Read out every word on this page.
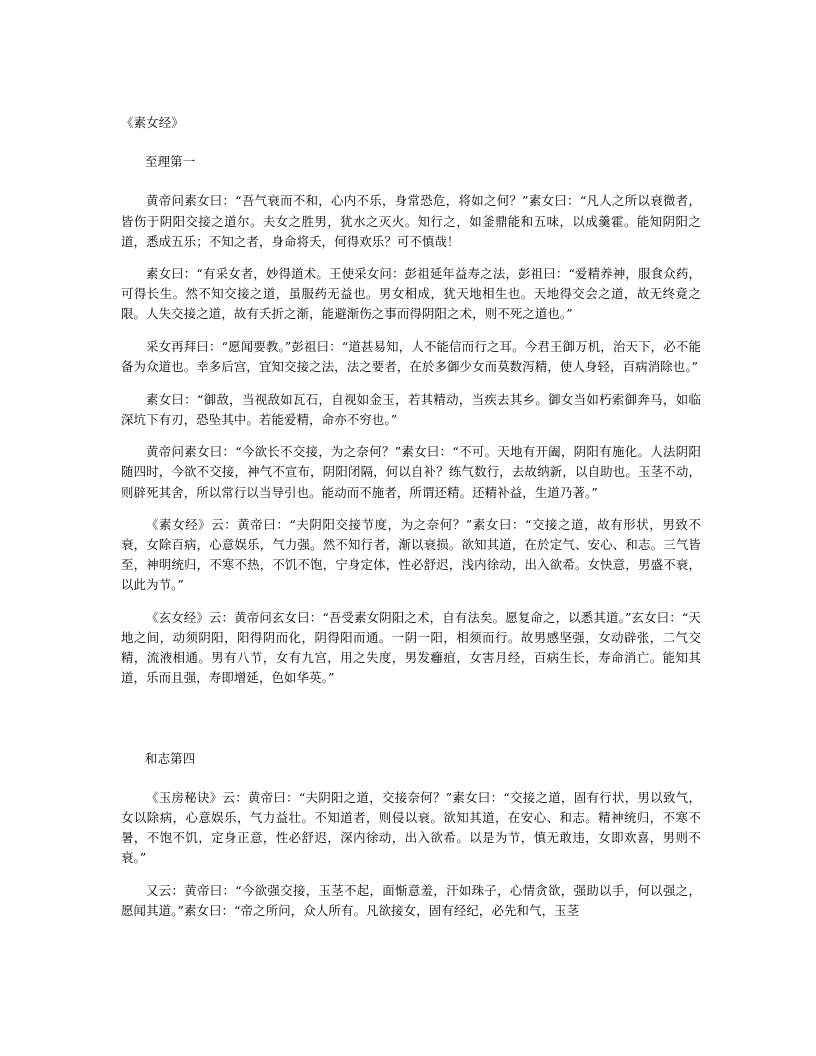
《素女经》

至理第一

黄帝问素女曰：“吾气衰而不和，心内不乐，身常恐危，将如之何？”素女曰：“凡人之所以衰微者，皆伤于阴阳交接之道尔。夫女之胜男，犹水之灭火。知行之，如釜鼎能和五味，以成羹霍。能知阴阳之道，悉成五乐；不知之者，身命将夭，何得欢乐？可不慎哉！

素女曰：“有采女者，妙得道术。王使采女问：彭祖延年益寿之法，彭祖曰：“爱精养神，服食众药，可得长生。然不知交接之道，虽服药无益也。男女相成，犹天地相生也。天地得交会之道，故无终竟之限。人失交接之道，故有夭折之渐，能避渐伤之事而得阴阳之术，则不死之道也。”

采女再拜曰：“愿闻要教。”彭祖曰：“道甚易知，人不能信而行之耳。今君王御万机，治天下，必不能备为众道也。幸多后宫，宜知交接之法，法之要者，在於多御少女而莫数泻精，使人身轻，百病消除也。”

素女曰：“御敌，当视敌如瓦石，自视如金玉，若其精动，当疾去其乡。御女当如朽索御奔马，如临深坑下有刃，恐坠其中。若能爱精，命亦不穷也。”

黄帝问素女曰：“今欲长不交接，为之奈何？”素女曰：“不可。天地有开阖，阴阳有施化。人法阴阳随四时，今欲不交接，神气不宣布，阴阳闭隔，何以自补？练气数行，去故纳新，以自助也。玉茎不动，则辟死其舍，所以常行以当导引也。能动而不施者，所谓还精。还精补益，生道乃著。”

《素女经》云：黄帝曰：“夫阴阳交接节度，为之奈何？”素女曰：“交接之道，故有形状，男致不衰，女除百病，心意娱乐，气力强。然不知行者，渐以衰损。欲知其道，在於定气、安心、和志。三气皆至，神明统归，不寒不热，不饥不饱，宁身定体，性必舒迟，浅内徐动，出入欲希。女快意，男盛不衰，以此为节。”

《玄女经》云：黄帝问玄女曰：“吾受素女阴阳之术，自有法矣。愿复命之，以悉其道。”玄女曰：“天地之间，动须阴阳，阳得阴而化，阴得阳而通。一阴一阳，相须而行。故男感坚强，女动辟张，二气交精，流液相通。男有八节，女有九宫，用之失度，男发癰疽，女害月经，百病生长，寿命消亡。能知其道，乐而且强，寿即增延，色如华英。”

和志第四

《玉房秘诀》云：黄帝曰：“夫阴阳之道，交接奈何？”素女曰：“交接之道，固有行状，男以致气，女以除病，心意娱乐，气力益壮。不知道者，则侵以衰。欲知其道，在安心、和志。精神统归，不寒不暑，不饱不饥，定身正意，性必舒迟，深内徐动，出入欲希。以是为节，慎无敢违，女即欢喜，男则不衰。”

又云：黄帝曰：“今欲强交接，玉茎不起，面惭意羞，汗如珠子，心情贪欲，强助以手，何以强之，愿闻其道。”素女曰：“帝之所问，众人所有。凡欲接女，固有经纪，必先和气，玉茎
